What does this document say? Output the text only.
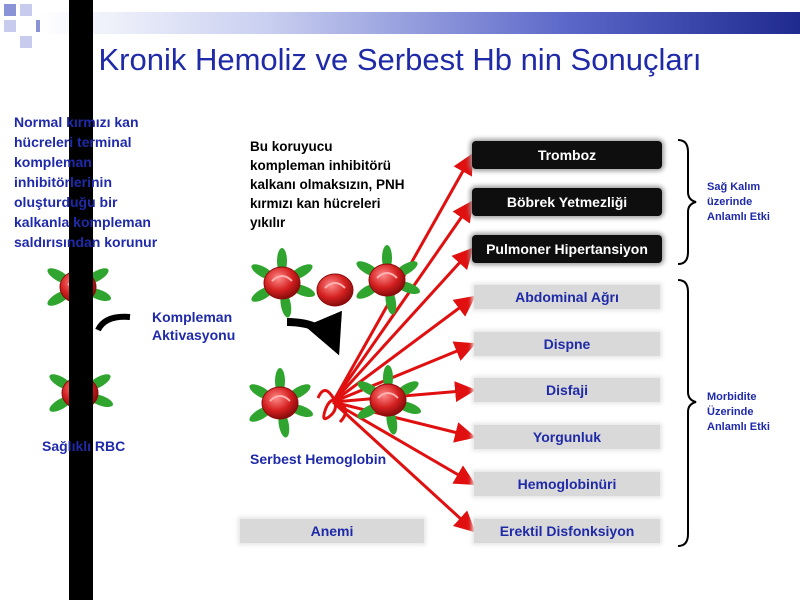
Kronik Hemoliz ve Serbest Hb nin Sonuçları
Normal kırmızı kan
hücreleri terminal
kompleman
inhibitörlerinin
oluşturduğu bir
kalkanla kompleman
saldırısından korunur
Bu koruyucu
kompleman inhibitörü
kalkanı olmaksızın, PNH
kırmızı kan hücreleri
yıkılır
Kompleman
Aktivasyonu
Sağlıklı RBC
Serbest Hemoglobin
Anemi
Tromboz
Böbrek Yetmezliği
Pulmoner Hipertansiyon
Abdominal Ağrı
Dispne
Disfaji
Yorgunluk
Hemoglobinüri
Erektil Disfonksiyon
Sağ Kalım
üzerinde
Anlamlı Etki
Morbidite
Üzerinde
Anlamlı Etki
